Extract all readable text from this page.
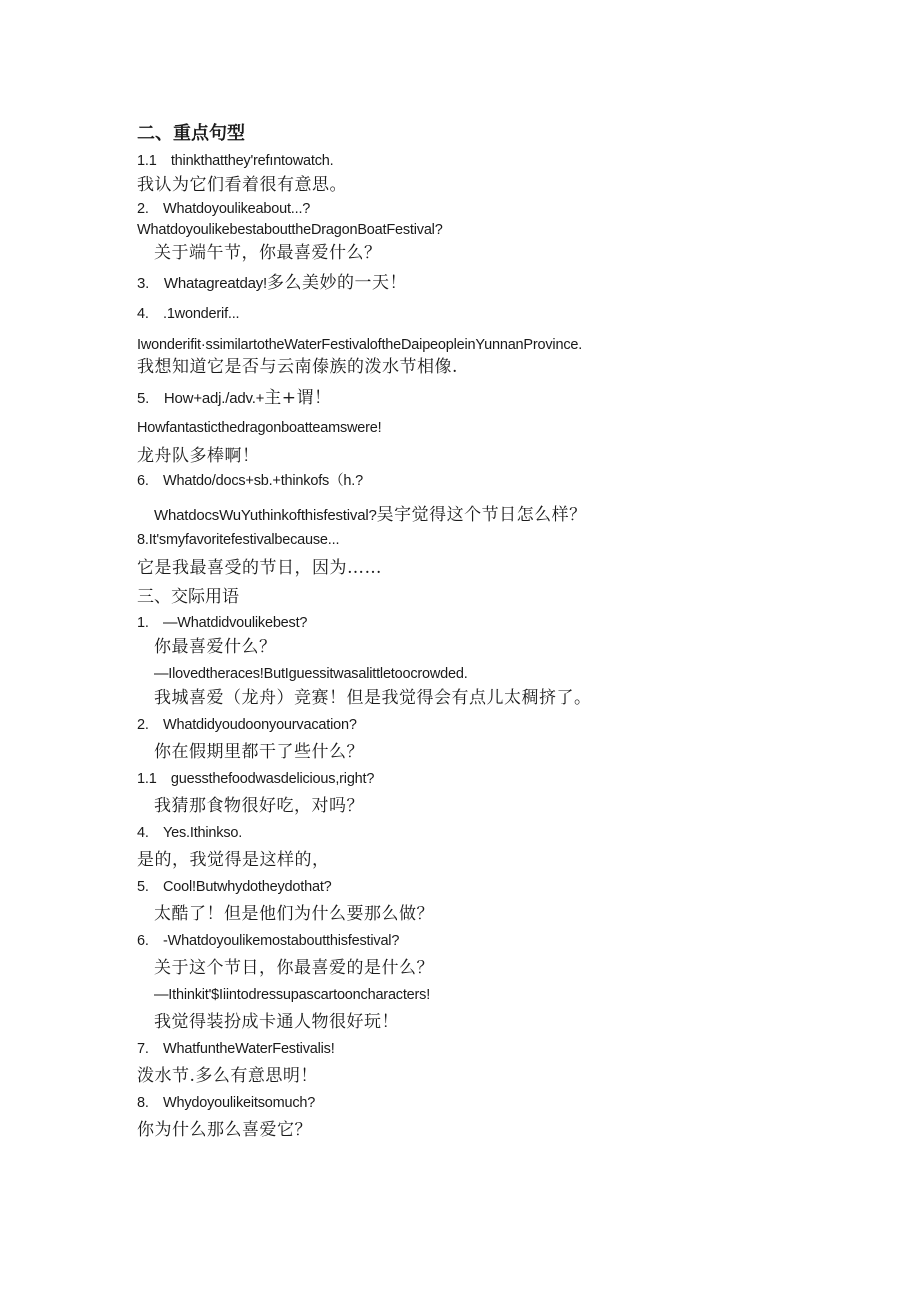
二、重点句型
1.1 thinkthatthey'refıntowatch.
我认为它们看着很有意思。
2. Whatdoyoulikeabout...?
WhatdoyoulikebestabouttheDragonBoatFestival?
关于端午节，你最喜爱什么？
3. Whatagreatday!多么美妙的一天！
4. .1wonderif...
Iwonderifit·ssimilartotheWaterFestivaloftheDaipeopleinYunnanProvince.
我想知道它是否与云南傣族的泼水节相像.
5. How+adj./adv.+主+谓！
Howfantasticthedragonboatteamswere!
龙舟队多棒啊！
6. Whatdo/docs+sb.+thinkofs（h.?
WhatdocsWuYuthinkofthisfestival?吴宇觉得这个节日怎么样？
8.It'smyfavoritefestivalbecause...
它是我最喜受的节日，因为……
三、交际用语
1. —Whatdidvoulikebest?
你最喜爱什么？
—Ilovedtheraces!ButIguessitwasalittletoocrowded.
我城喜爱（龙舟）竞赛！但是我觉得会有点儿太稠挤了。
2. Whatdidyoudoonyourvacation?
你在假期里都干了些什么？
1.1 guessthefoodwasdelicious,right?
我猜那食物很好吃，对吗？
4. Yes.Ithinkso.
是的，我觉得是这样的，
5. Cool!Butwhydotheydothat?
太酷了！但是他们为什么要那么做？
6. -Whatdoyoulikemostaboutthisfestival?
关于这个节日，你最喜爱的是什么？
—Ithinkit'$Iiintodressupascartooncharacters!
我觉得装扮成卡通人物很好玩！
7. WhatfuntheWaterFestivalis!
泼水节.多么有意思明！
8. Whydoyoulikeitsomuch?
你为什么那么喜爱它？
